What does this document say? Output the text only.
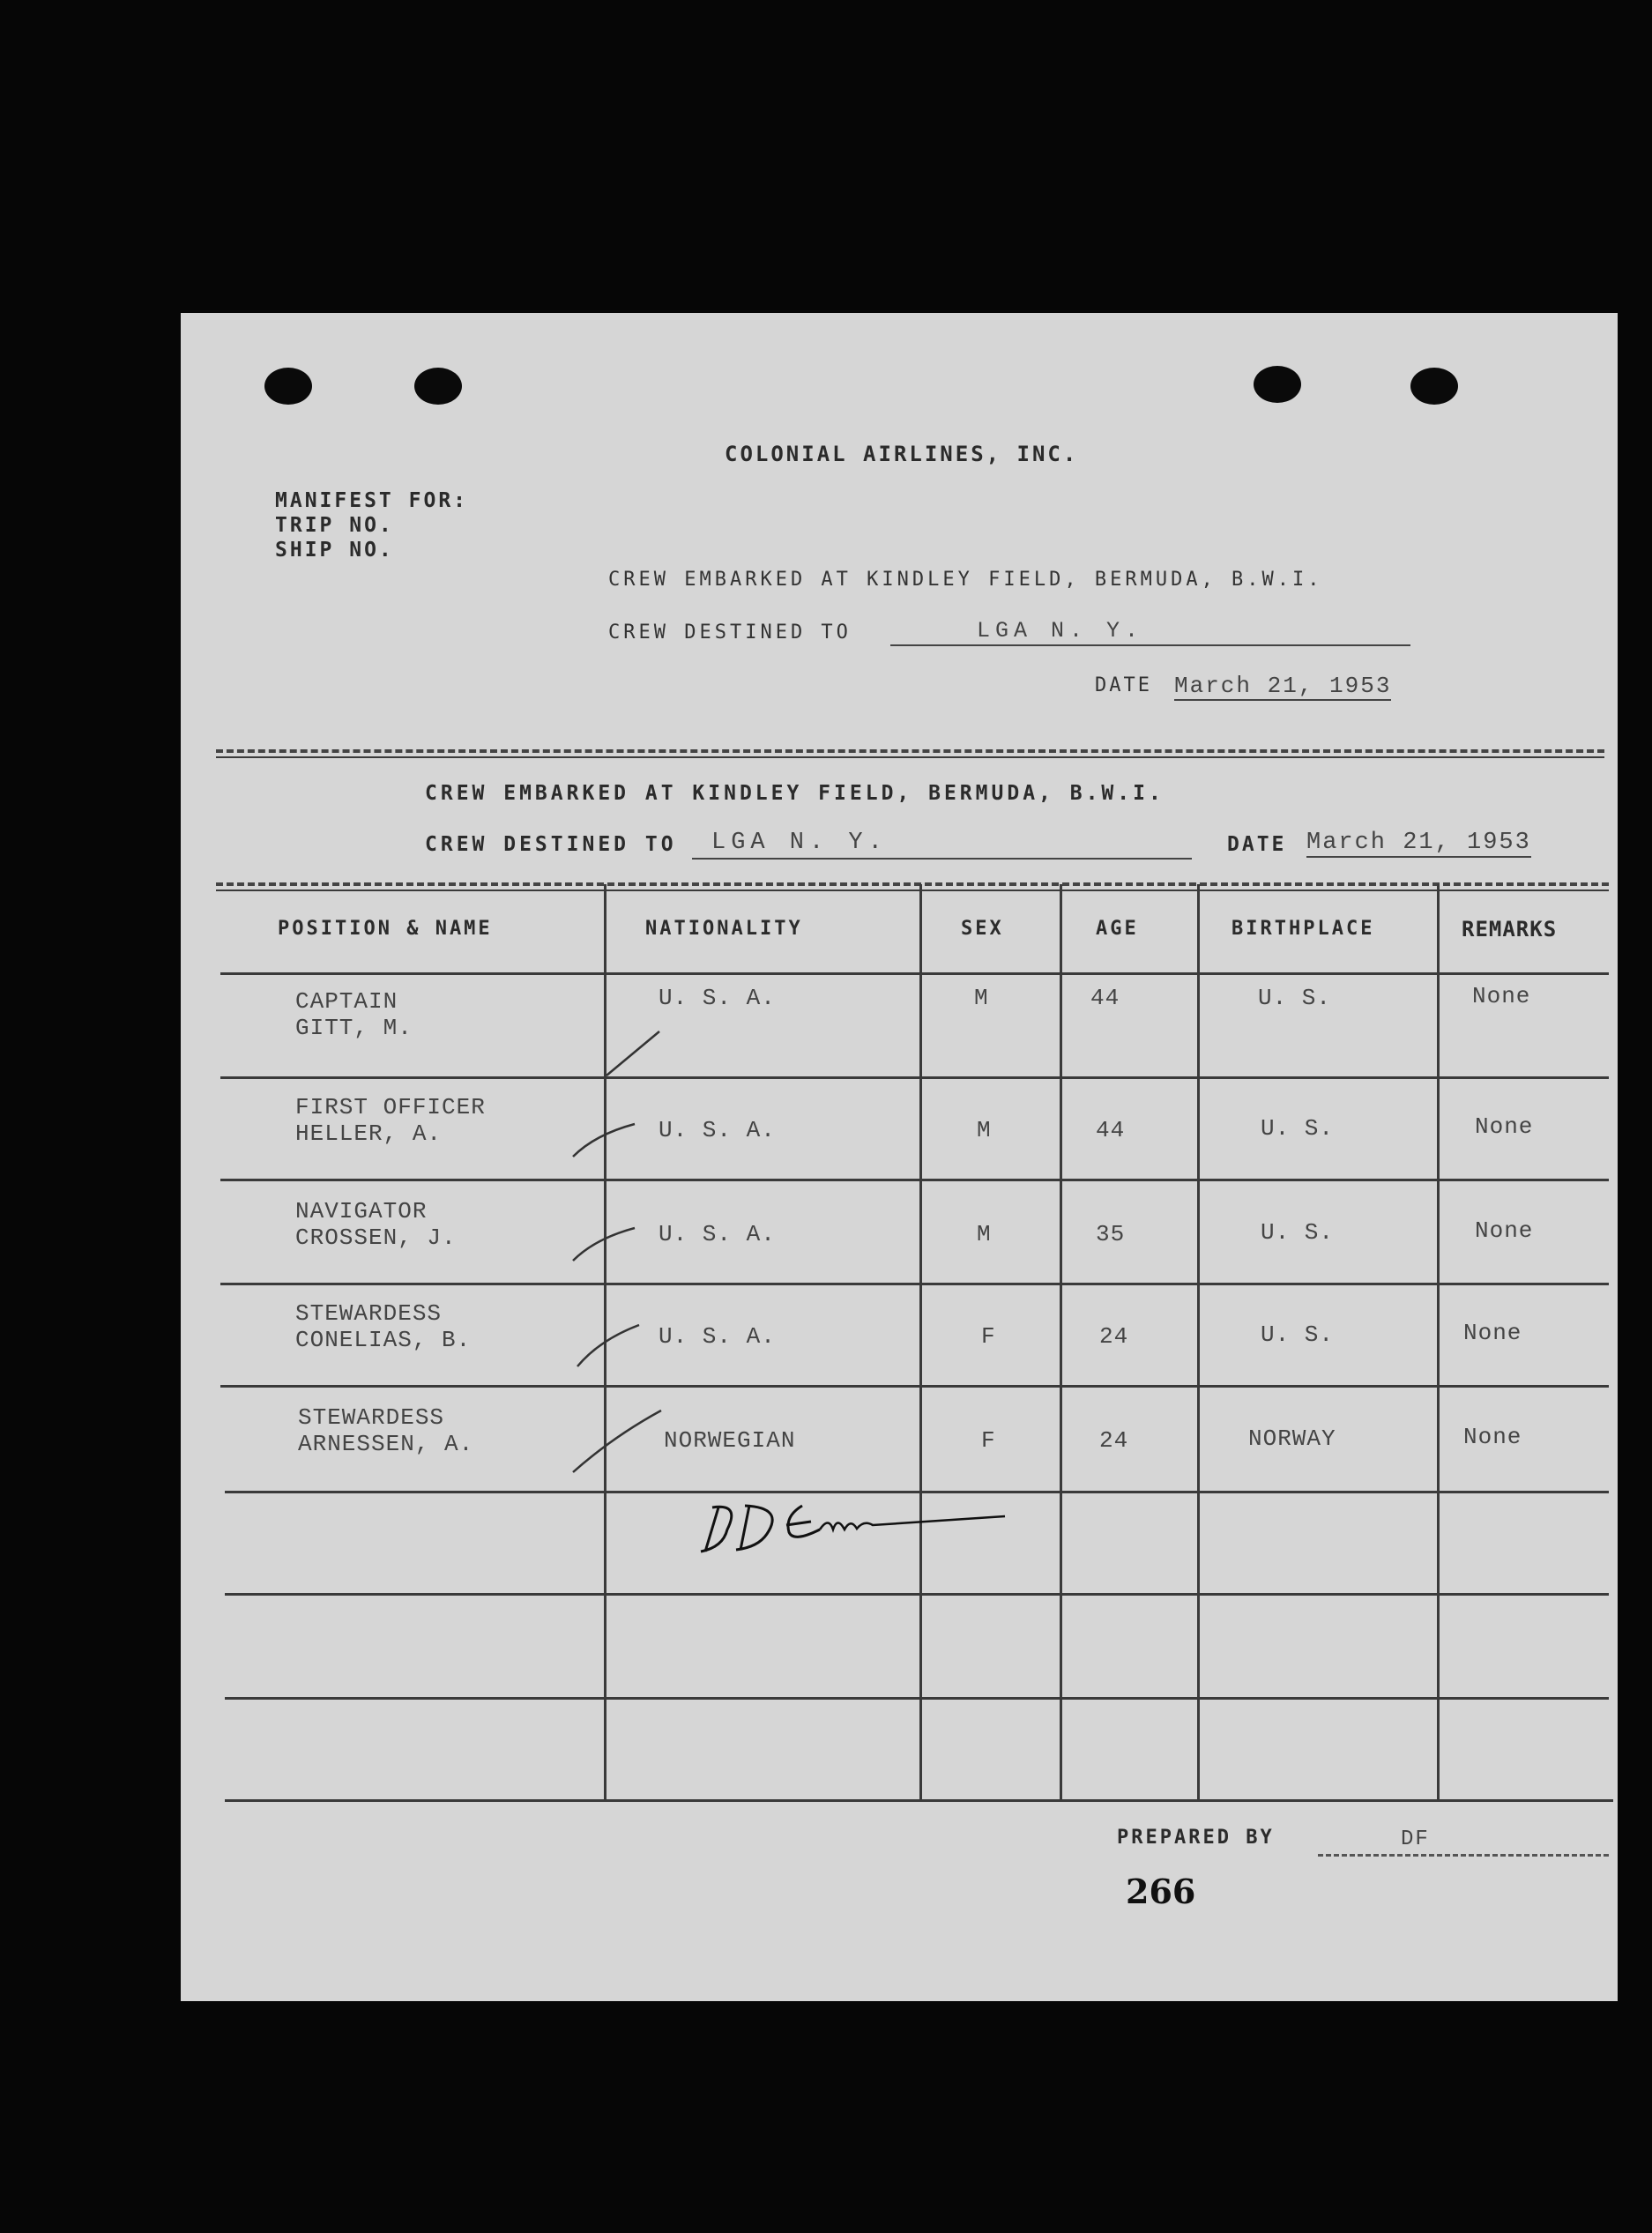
COLONIAL AIRLINES, INC.
MANIFEST FOR:
TRIP NO.
SHIP NO.
CREW EMBARKED AT KINDLEY FIELD, BERMUDA, B.W.I.
CREW DESTINED TO	LGA N. Y.
DATE March 21, 1953
CREW EMBARKED AT KINDLEY FIELD, BERMUDA, B.W.I.
CREW DESTINED TO LGA N. Y.	DATE March 21, 1953
POSITION & NAME	NATIONALITY	SEX	AGE	BIRTHPLACE	REMARKS
CAPTAIN
GITT, M.
U. S. A.	M	44	U. S.	None
FIRST OFFICER
HELLER, A.	U. S. A.	M	44	U. S.	None
NAVIGATOR
CROSSEN, J.	U. S. A.	M	35	U. S.	None
STEWARDESS
CONELIAS, B.	U. S. A.	F	24	U. S.	None
STEWARDESS
ARNESSEN, A.	NORWEGIAN	F	24	NORWAY	None
PREPARED BY	DF
266
